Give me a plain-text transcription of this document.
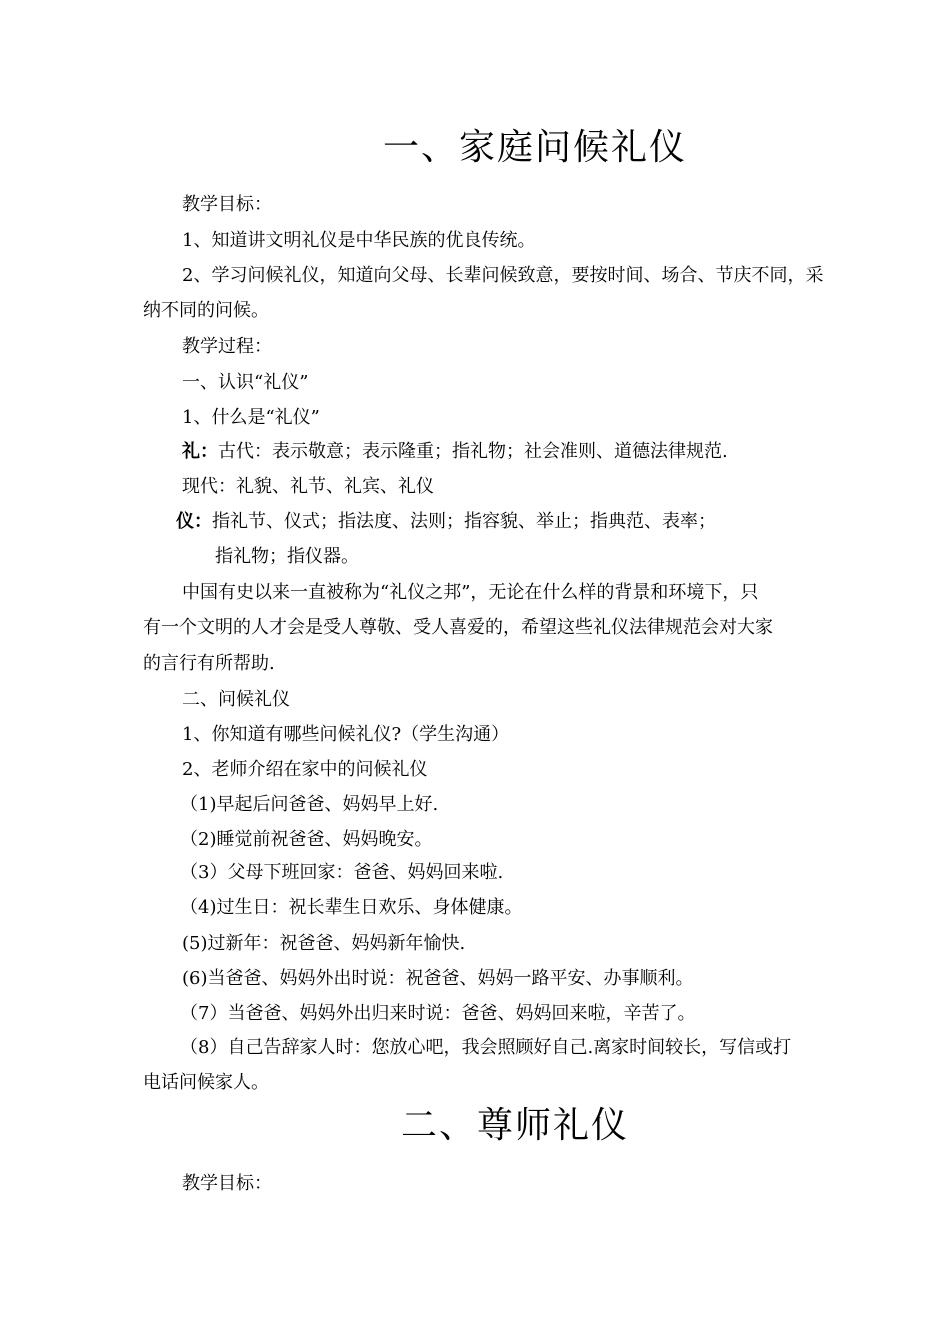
一、家庭问候礼仪
教学目标：
1、知道讲文明礼仪是中华民族的优良传统。
2、学习问候礼仪，知道向父母、长辈问候致意，要按时间、场合、节庆不同，采
纳不同的问候。
教学过程：
一、认识“礼仪”
1、什么是“礼仪”
礼：古代：表示敬意；表示隆重；指礼物；社会准则、道德法律规范.
现代：礼貌、礼节、礼宾、礼仪
仪：指礼节、仪式；指法度、法则；指容貌、举止；指典范、表率；
指礼物；指仪器。
中国有史以来一直被称为“礼仪之邦”，无论在什么样的背景和环境下，只
有一个文明的人才会是受人尊敬、受人喜爱的，希望这些礼仪法律规范会对大家
的言行有所帮助.
二、问候礼仪
1、你知道有哪些问候礼仪?（学生沟通）
2、老师介绍在家中的问候礼仪
（1)早起后问爸爸、妈妈早上好.
（2)睡觉前祝爸爸、妈妈晚安。
（3）父母下班回家：爸爸、妈妈回来啦.
（4)过生日：祝长辈生日欢乐、身体健康。
(5)过新年：祝爸爸、妈妈新年愉快.
(6)当爸爸、妈妈外出时说：祝爸爸、妈妈一路平安、办事顺利。
（7）当爸爸、妈妈外出归来时说：爸爸、妈妈回来啦，辛苦了。
（8）自己告辞家人时：您放心吧，我会照顾好自己.离家时间较长，写信或打
电话问候家人。
二、尊师礼仪
教学目标：
